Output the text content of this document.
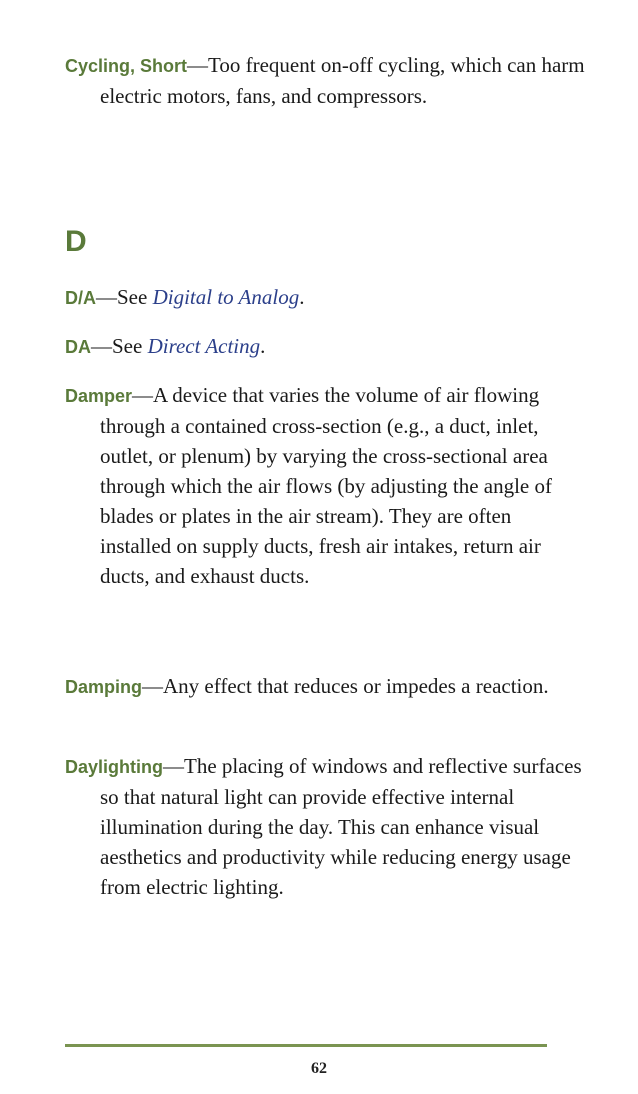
Cycling, Short—Too frequent on-off cycling, which can harm electric motors, fans, and compressors.

D

D/A—See Digital to Analog.

DA—See Direct Acting.

Damper—A device that varies the volume of air flowing through a contained cross-section (e.g., a duct, inlet, outlet, or plenum) by varying the cross-sectional area through which the air flows (by adjusting the angle of blades or plates in the air stream). They are often installed on supply ducts, fresh air intakes, return air ducts, and exhaust ducts.

Damping—Any effect that reduces or impedes a reaction.

Daylighting—The placing of windows and reflective surfaces so that natural light can provide effective internal illumination during the day. This can enhance visual aesthetics and productivity while reducing energy usage from electric lighting.

62
